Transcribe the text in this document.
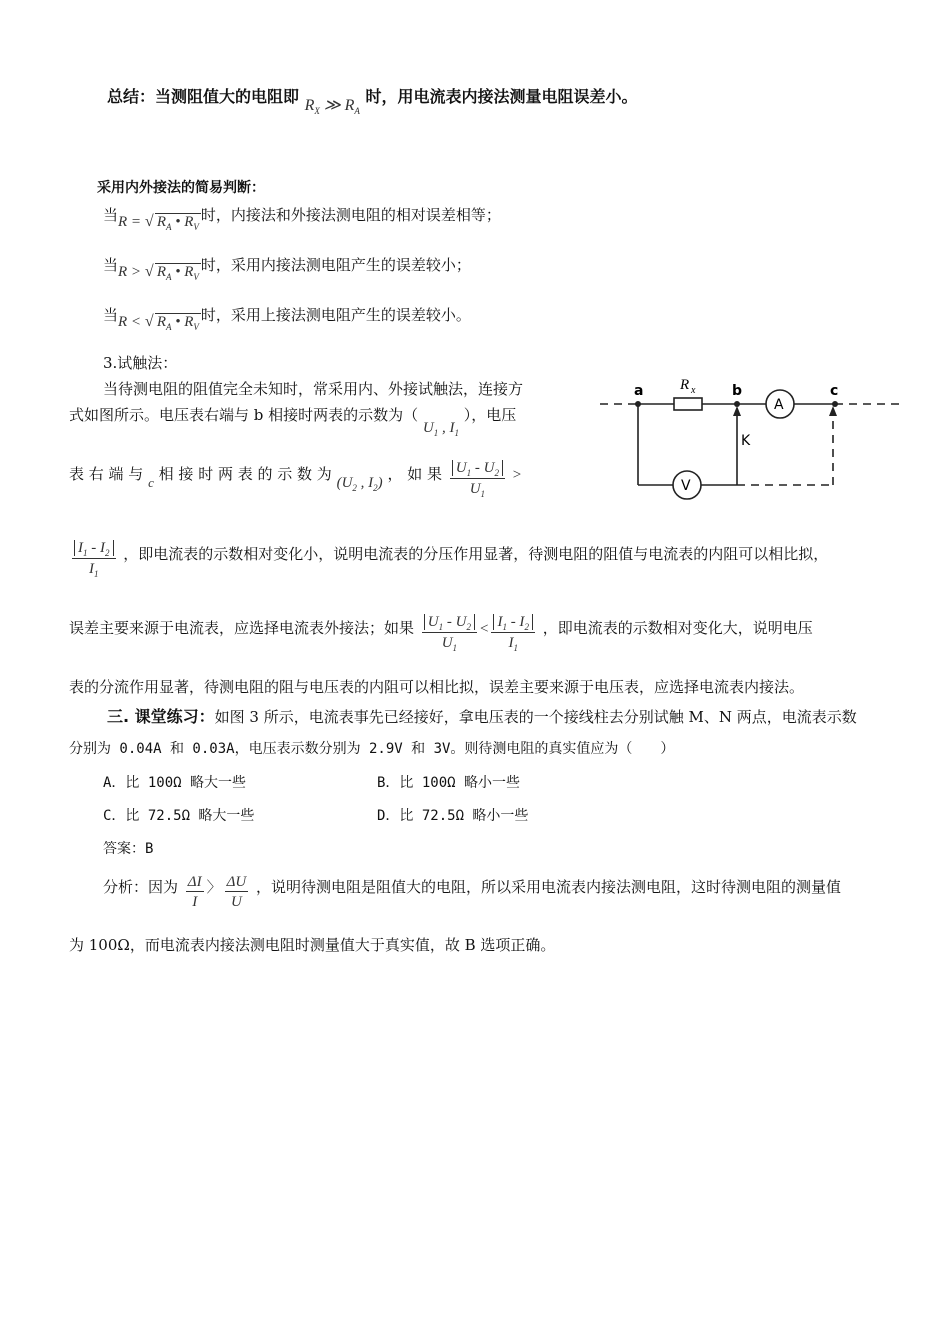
总结：当测阻值大的电阻即 $R_X$ ≫ $R_A$ 时，用电流表内接法测量电阻误差小。
采用内外接法的简易判断：
当R = √ $R_A$ • $R_V$时，内接法和外接法测电阻的相对误差相等；
当R > √ $R_A$ • $R_V$时，采用内接法测电阻产生的误差较小；
当R < √ $R_A$ • $R_V$时，采用上接法测电阻产生的误差较小。
3.试触法：
当待测电阻的阻值完全未知时，常采用内、外接试触法，连接方
式如图所示。电压表右端与 b 相接时两表的示数为（ $U_1$ , $I_1$ ），电压
表 右 端 与 c 相 接 时 两 表 的 示 数 为 ($U_2$ , $I_2$) ， 如 果 $\frac{U_1 - U_2}{U_1}$ >
$\frac{I_1 - I_2}{I_1}$ ，即电流表的示数相对变化小，说明电流表的分压作用显著，待测电阻的阻值与电流表的内阻可以相比拟，
误差主要来源于电流表，应选择电流表外接法；如果 $\frac{U_1 - U_2}{U_1} < \frac{I_1 - I_2}{I_1}$ ，即电流表的示数相对变化大，说明电压
表的分流作用显著，待测电阻的阻与电压表的内阻可以相比拟，误差主要来源于电压表，应选择电流表内接法。
a	b	c
R x
A
V
K
三. 课堂练习：如图 3 所示，电流表事先已经接好，拿电压表的一个接线柱去分别试触 M、N 两点，电流表示数
分别为 0.04A 和 0.03A，电压表示数分别为 2.9V 和 3V。则待测电阻的真实值应为（　　）
A．比 100Ω 略大一些	B．比 100Ω 略小一些
C．比 72.5Ω 略大一些	D．比 72.5Ω 略小一些
答案：B
分析：因为 $\frac{\Delta I}{I}$ 〉 $\frac{\Delta U}{U}$ ，说明待测电阻是阻值大的电阻，所以采用电流表内接法测电阻，这时待测电阻的测量值
为 100Ω，而电流表内接法测电阻时测量值大于真实值，故 B 选项正确。
